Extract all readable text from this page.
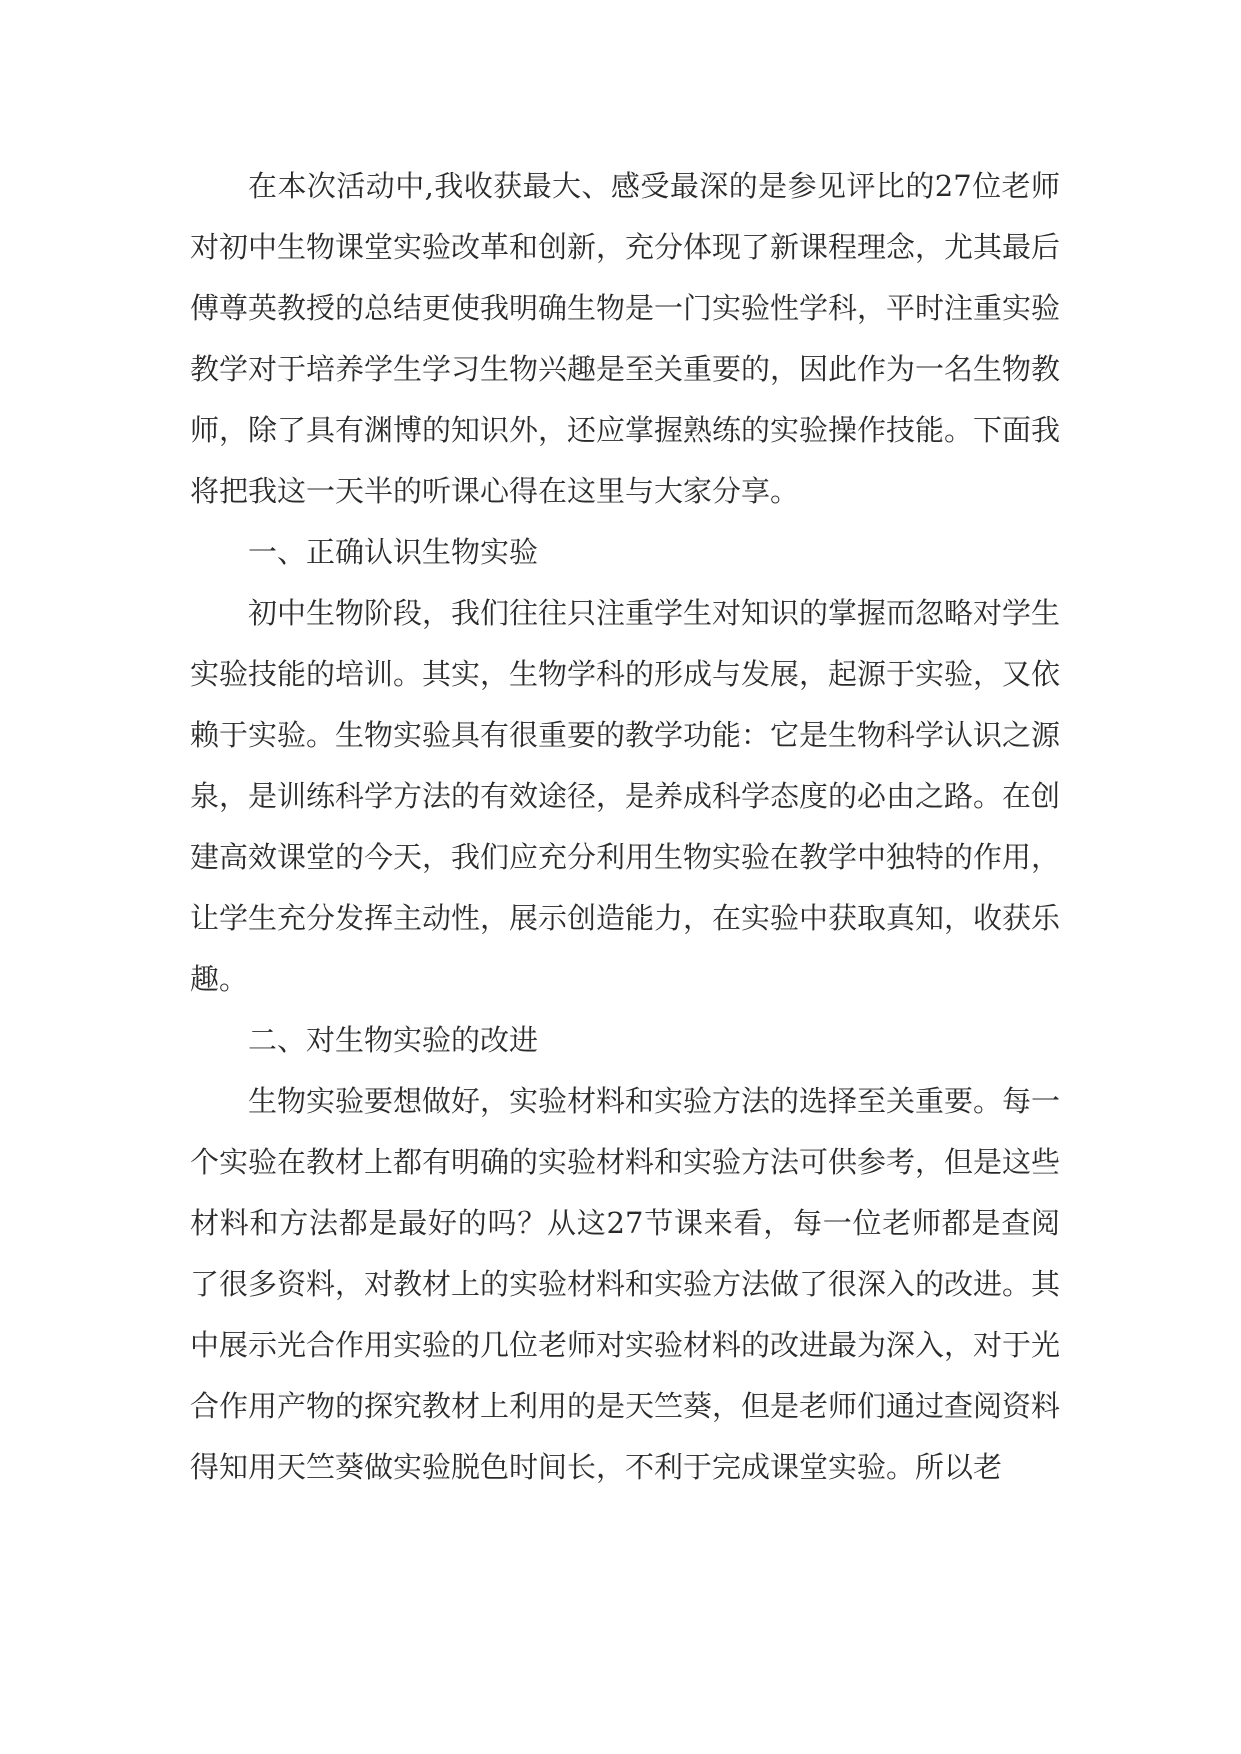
在本次活动中,我收获最大、感受最深的是参见评比的27位老师对初中生物课堂实验改革和创新，充分体现了新课程理念，尤其最后傅尊英教授的总结更使我明确生物是一门实验性学科，平时注重实验教学对于培养学生学习生物兴趣是至关重要的，因此作为一名生物教师，除了具有渊博的知识外，还应掌握熟练的实验操作技能。下面我将把我这一天半的听课心得在这里与大家分享。

一、正确认识生物实验

初中生物阶段，我们往往只注重学生对知识的掌握而忽略对学生实验技能的培训。其实，生物学科的形成与发展，起源于实验，又依赖于实验。生物实验具有很重要的教学功能：它是生物科学认识之源泉，是训练科学方法的有效途径，是养成科学态度的必由之路。在创建高效课堂的今天，我们应充分利用生物实验在教学中独特的作用，让学生充分发挥主动性，展示创造能力，在实验中获取真知，收获乐趣。

二、对生物实验的改进

生物实验要想做好，实验材料和实验方法的选择至关重要。每一个实验在教材上都有明确的实验材料和实验方法可供参考，但是这些材料和方法都是最好的吗？从这27节课来看，每一位老师都是查阅了很多资料，对教材上的实验材料和实验方法做了很深入的改进。其中展示光合作用实验的几位老师对实验材料的改进最为深入，对于光合作用产物的探究教材上利用的是天竺葵，但是老师们通过查阅资料得知用天竺葵做实验脱色时间长，不利于完成课堂实验。所以老
